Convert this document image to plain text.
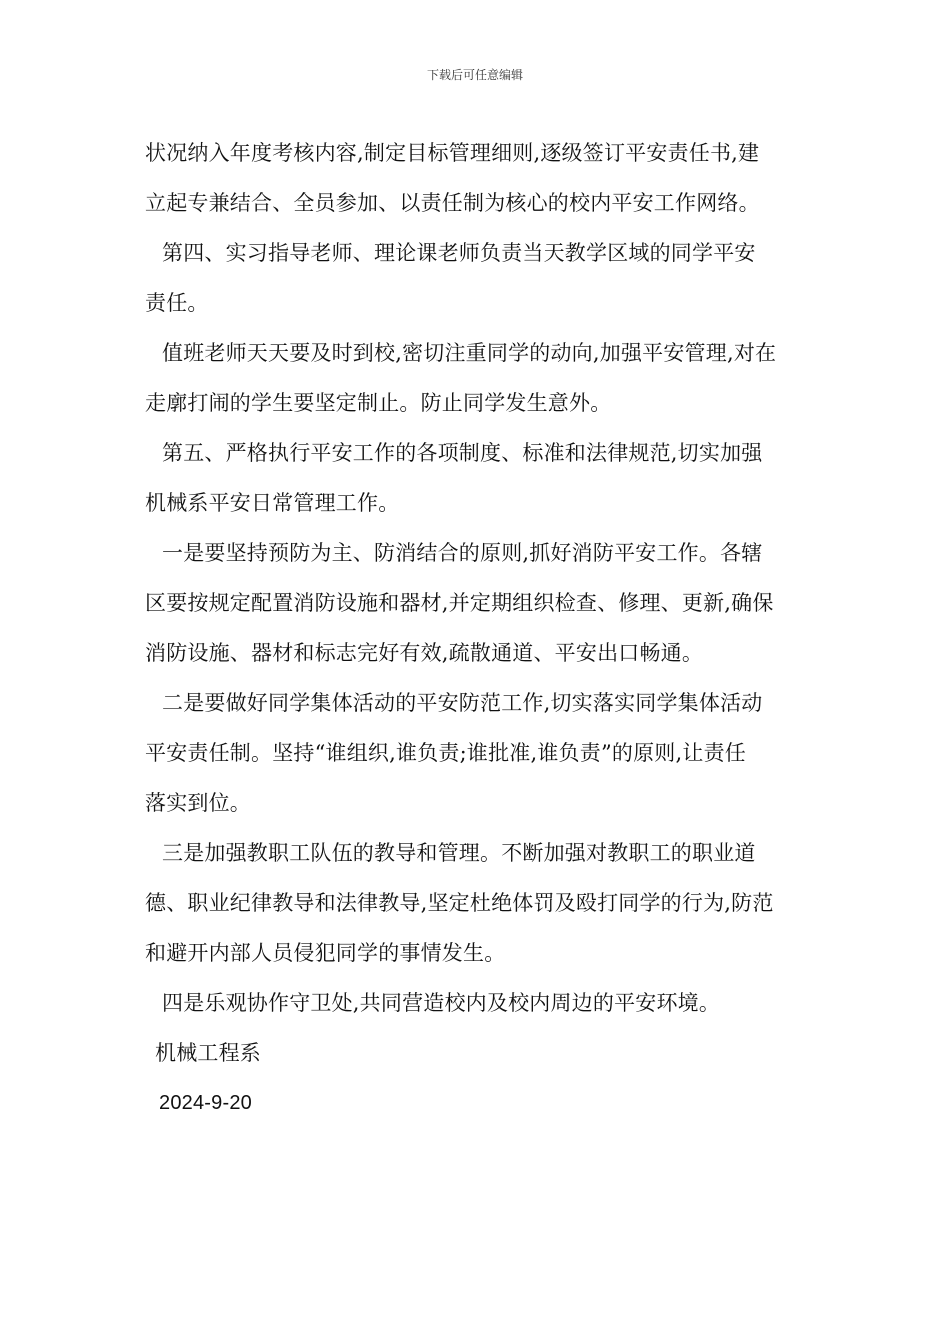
下载后可任意编辑
状况纳入年度考核内容,制定目标管理细则,逐级签订平安责任书,建
立起专兼结合、全员参加、以责任制为核心的校内平安工作网络。
第四、实习指导老师、理论课老师负责当天教学区域的同学平安
责任。
值班老师天天要及时到校,密切注重同学的动向,加强平安管理,对在
走廓打闹的学生要坚定制止。防止同学发生意外。
第五、严格执行平安工作的各项制度、标准和法律规范,切实加强
机械系平安日常管理工作。
一是要坚持预防为主、防消结合的原则,抓好消防平安工作。各辖
区要按规定配置消防设施和器材,并定期组织检查、修理、更新,确保
消防设施、器材和标志完好有效,疏散通道、平安出口畅通。
二是要做好同学集体活动的平安防范工作,切实落实同学集体活动
平安责任制。坚持“谁组织,谁负责;谁批准,谁负责”的原则,让责任
落实到位。
三是加强教职工队伍的教导和管理。不断加强对教职工的职业道
德、职业纪律教导和法律教导,坚定杜绝体罚及殴打同学的行为,防范
和避开内部人员侵犯同学的事情发生。
四是乐观协作守卫处,共同营造校内及校内周边的平安环境。
机械工程系
2024-9-20
